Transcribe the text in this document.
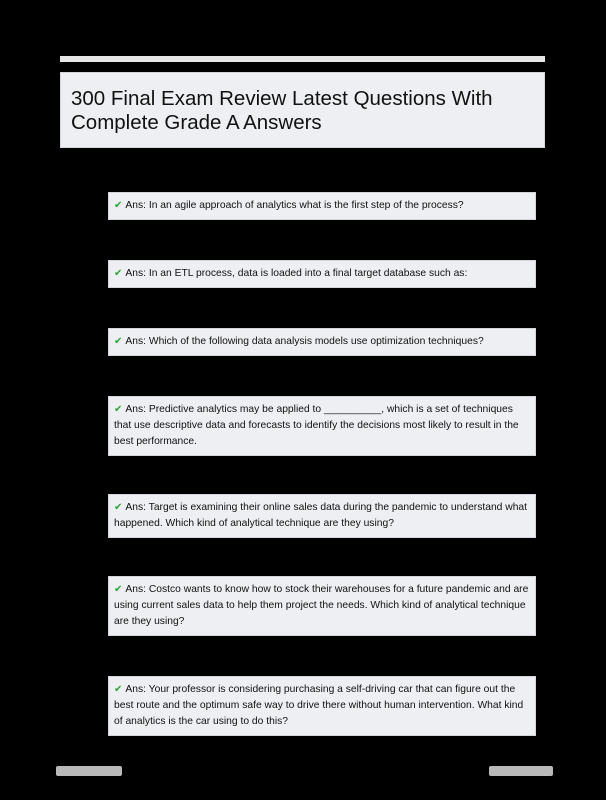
300 Final Exam Review Latest Questions With Complete Grade A Answers
✔ Ans: In an agile approach of analytics what is the first step of the process?
✔ Ans: In an ETL process, data is loaded into a final target database such as:
✔ Ans: Which of the following data analysis models use optimization techniques?
✔ Ans: Predictive analytics may be applied to __________, which is a set of techniques that use descriptive data and forecasts to identify the decisions most likely to result in the best performance.
✔ Ans: Target is examining their online sales data during the pandemic to understand what happened. Which kind of analytical technique are they using?
✔ Ans: Costco wants to know how to stock their warehouses for a future pandemic and are using current sales data to help them project the needs. Which kind of analytical technique are they using?
✔ Ans: Your professor is considering purchasing a self-driving car that can figure out the best route and the optimum safe way to drive there without human intervention. What kind of analytics is the car using to do this?
